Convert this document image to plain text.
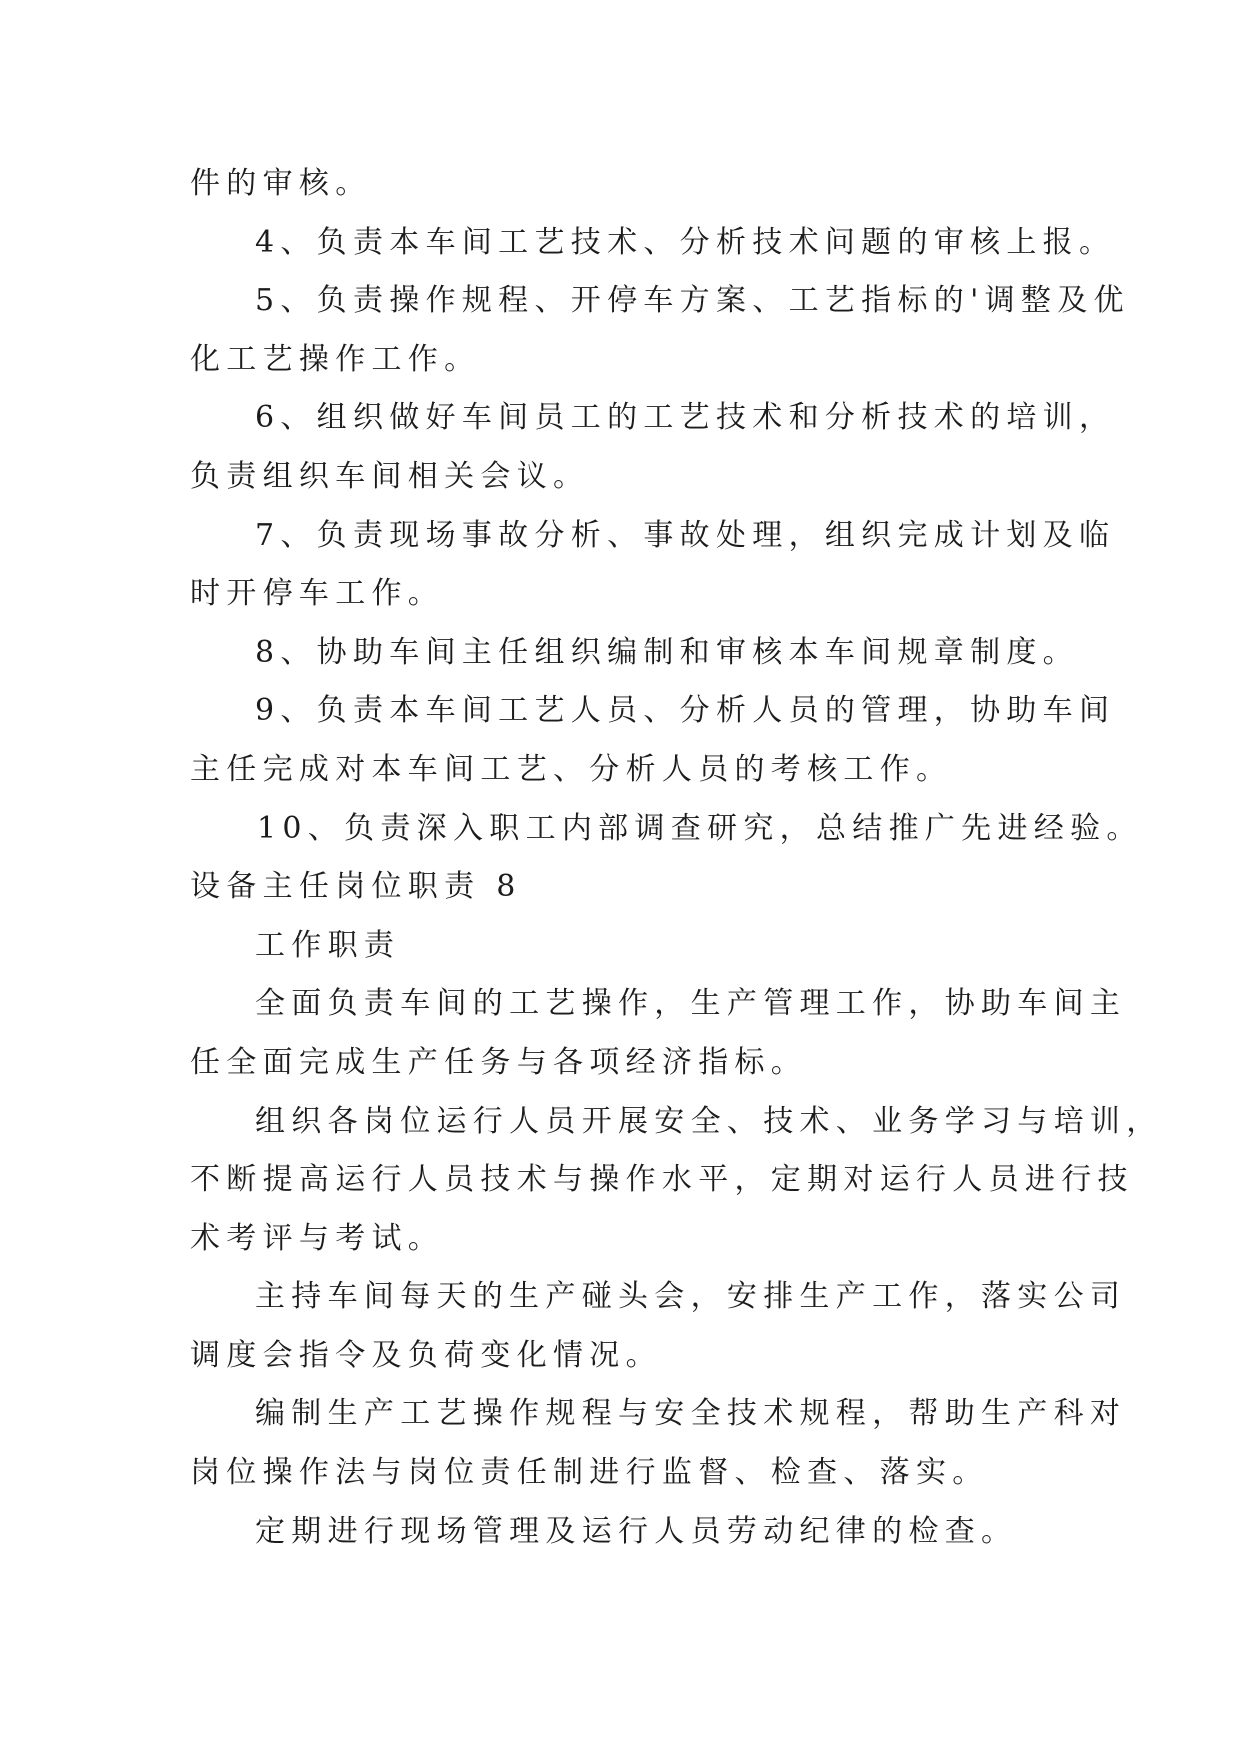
件的审核。
4、负责本车间工艺技术、分析技术问题的审核上报。
5、负责操作规程、开停车方案、工艺指标的'调整及优
化工艺操作工作。
6、组织做好车间员工的工艺技术和分析技术的培训，
负责组织车间相关会议。
7、负责现场事故分析、事故处理，组织完成计划及临
时开停车工作。
8、协助车间主任组织编制和审核本车间规章制度。
9、负责本车间工艺人员、分析人员的管理，协助车间
主任完成对本车间工艺、分析人员的考核工作。
10、负责深入职工内部调查研究，总结推广先进经验。
设备主任岗位职责 8
工作职责
全面负责车间的工艺操作，生产管理工作，协助车间主
任全面完成生产任务与各项经济指标。
组织各岗位运行人员开展安全、技术、业务学习与培训，
不断提高运行人员技术与操作水平，定期对运行人员进行技
术考评与考试。
主持车间每天的生产碰头会，安排生产工作，落实公司
调度会指令及负荷变化情况。
编制生产工艺操作规程与安全技术规程，帮助生产科对
岗位操作法与岗位责任制进行监督、检查、落实。
定期进行现场管理及运行人员劳动纪律的检查。
